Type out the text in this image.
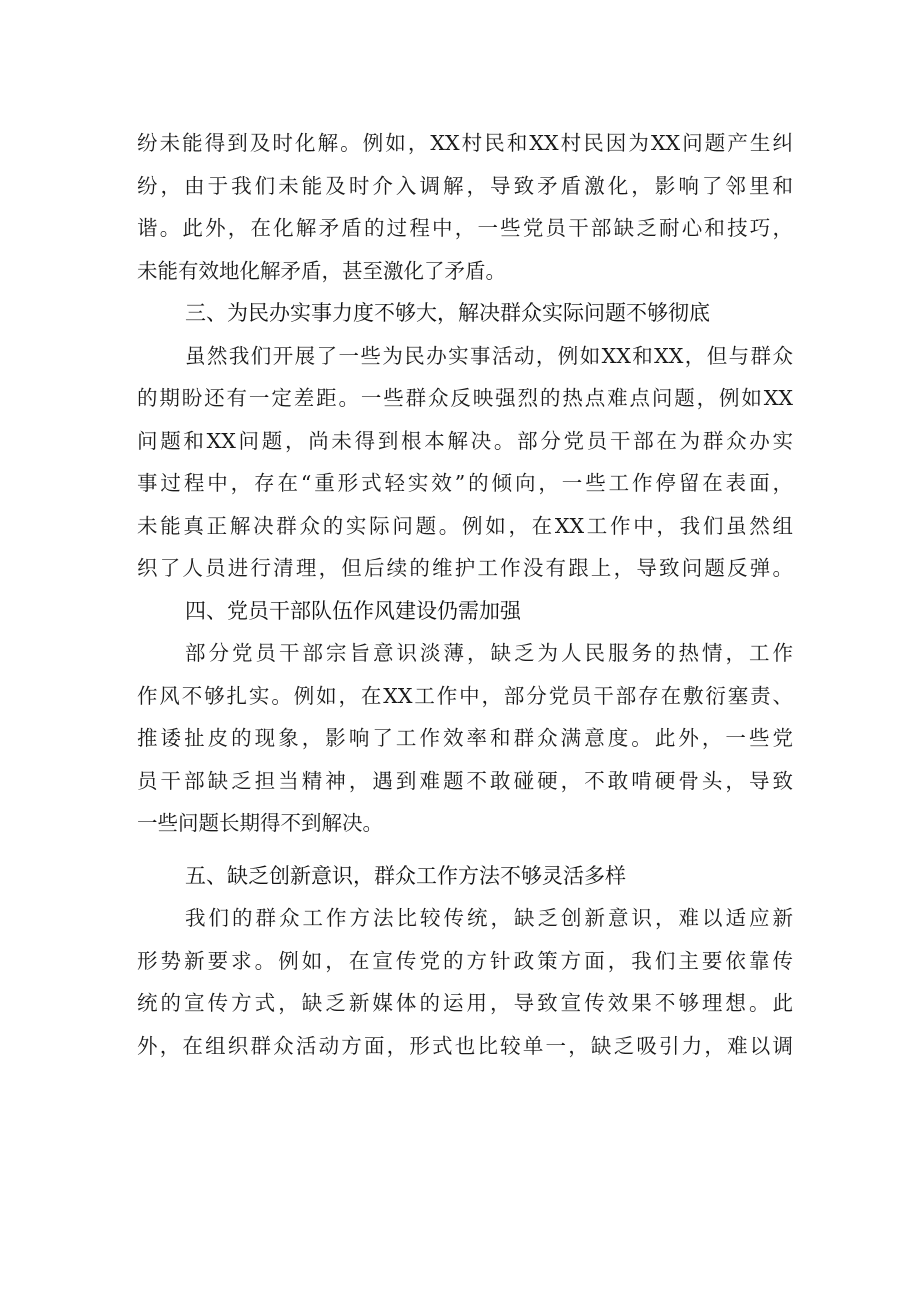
纷未能得到及时化解。例如，XX村民和XX村民因为XX问题产生纠
纷，由于我们未能及时介入调解，导致矛盾激化，影响了邻里和
谐。此外，在化解矛盾的过程中，一些党员干部缺乏耐心和技巧，
未能有效地化解矛盾，甚至激化了矛盾。
三、为民办实事力度不够大，解决群众实际问题不够彻底
虽然我们开展了一些为民办实事活动，例如XX和XX，但与群众
的期盼还有一定差距。一些群众反映强烈的热点难点问题，例如XX
问题和XX问题，尚未得到根本解决。部分党员干部在为群众办实
事过程中，存在“重形式轻实效”的倾向，一些工作停留在表面，
未能真正解决群众的实际问题。例如，在XX工作中，我们虽然组
织了人员进行清理，但后续的维护工作没有跟上，导致问题反弹。
四、党员干部队伍作风建设仍需加强
部分党员干部宗旨意识淡薄，缺乏为人民服务的热情，工作
作风不够扎实。例如，在XX工作中，部分党员干部存在敷衍塞责、
推诿扯皮的现象，影响了工作效率和群众满意度。此外，一些党
员干部缺乏担当精神，遇到难题不敢碰硬，不敢啃硬骨头，导致
一些问题长期得不到解决。
五、缺乏创新意识，群众工作方法不够灵活多样
我们的群众工作方法比较传统，缺乏创新意识，难以适应新
形势新要求。例如，在宣传党的方针政策方面，我们主要依靠传
统的宣传方式，缺乏新媒体的运用，导致宣传效果不够理想。此
外，在组织群众活动方面，形式也比较单一，缺乏吸引力，难以调
